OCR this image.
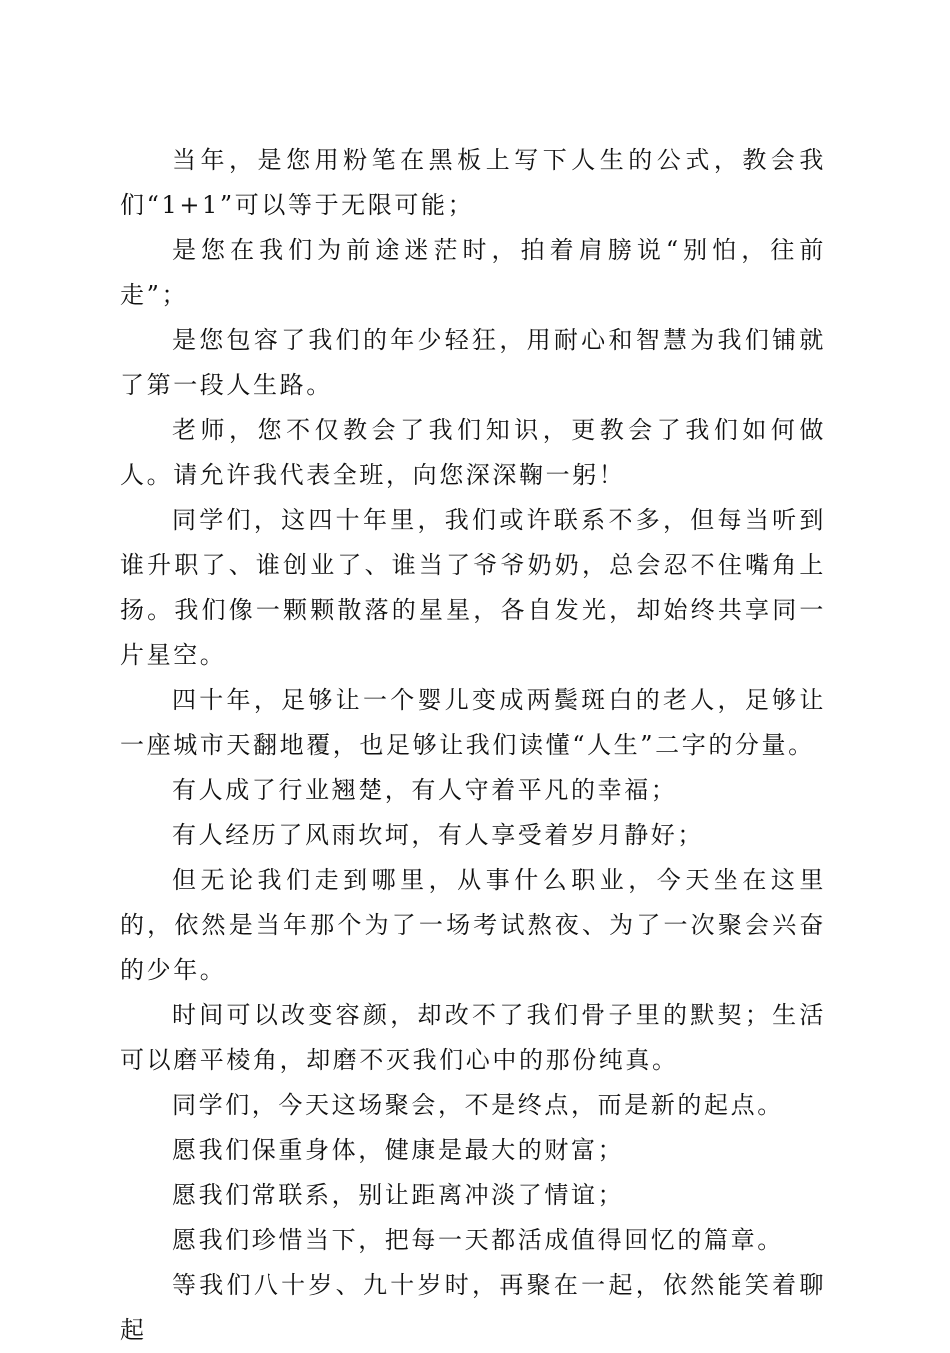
当年，是您用粉笔在黑板上写下人生的公式，教会我们“1+1”可以等于无限可能；

是您在我们为前途迷茫时，拍着肩膀说“别怕，往前走”；

是您包容了我们的年少轻狂，用耐心和智慧为我们铺就了第一段人生路。

老师，您不仅教会了我们知识，更教会了我们如何做人。请允许我代表全班，向您深深鞠一躬！

同学们，这四十年里，我们或许联系不多，但每当听到谁升职了、谁创业了、谁当了爷爷奶奶，总会忍不住嘴角上扬。我们像一颗颗散落的星星，各自发光，却始终共享同一片星空。

四十年，足够让一个婴儿变成两鬓斑白的老人，足够让一座城市天翻地覆，也足够让我们读懂“人生”二字的分量。

有人成了行业翘楚，有人守着平凡的幸福；

有人经历了风雨坎坷，有人享受着岁月静好；

但无论我们走到哪里，从事什么职业，今天坐在这里的，依然是当年那个为了一场考试熬夜、为了一次聚会兴奋的少年。

时间可以改变容颜，却改不了我们骨子里的默契；生活可以磨平棱角，却磨不灭我们心中的那份纯真。

同学们，今天这场聚会，不是终点，而是新的起点。

愿我们保重身体，健康是最大的财富；

愿我们常联系，别让距离冲淡了情谊；

愿我们珍惜当下，把每一天都活成值得回忆的篇章。

等我们八十岁、九十岁时，再聚在一起，依然能笑着聊起
